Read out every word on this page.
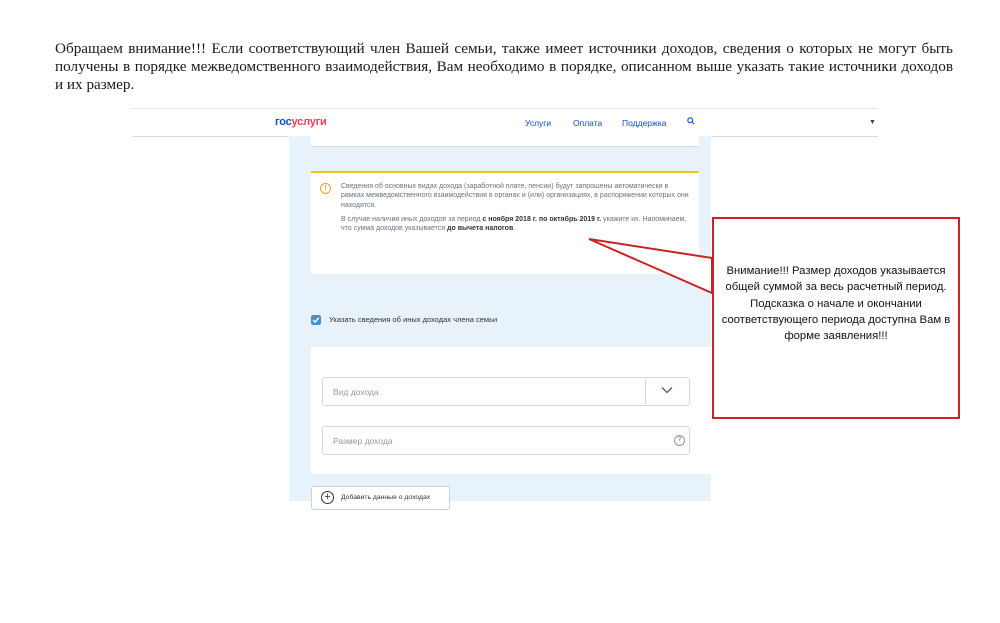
Обращаем внимание!!! Если соответствующий член Вашей семьи, также имеет источники доходов, сведения о которых не могут быть получены в порядке межведомственного взаимодействия, Вам необходимо в порядке, описанном выше указать такие источники доходов и их размер.
госуслуги	Услуги	Оплата Поддержка	▼
!	Сведения об основных видах дохода (заработной плате, пенсии) будут запрошены автоматически в рамках межведомственного взаимодействия в органах и (или) организациях, в распоряжении которых они находятся.
В случае наличия иных доходов за период с ноября 2018 г. по октябрь 2019 г. укажите их. Напоминаем, что сумма доходов указывается до вычета налогов.
Указать сведения об иных доходах члена семьи
Вид дохода
Размер дохода	?
+	Добавить данные о доходах
Внимание!!! Размер доходов указывается общей суммой за весь расчетный период. Подсказка о начале и окончании соответствующего периода доступна Вам в форме заявления!!!
